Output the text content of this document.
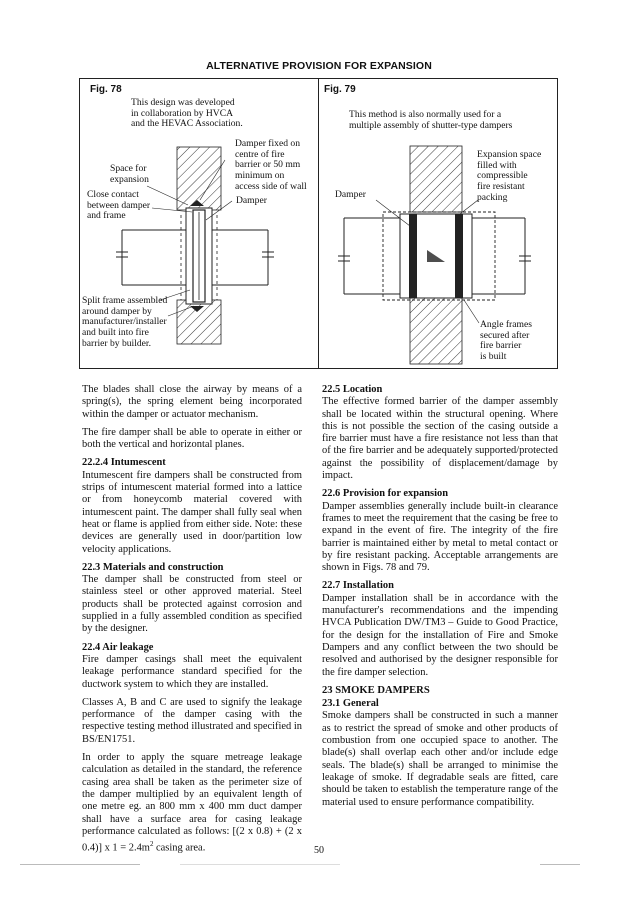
ALTERNATIVE PROVISION FOR EXPANSION
Fig. 78
This design was developed
in collaboration by HVCA
and the HEVAC Association.
Damper fixed on
centre of fire
barrier or 50 mm
minimum on
access side of wall
Space for
expansion
Close contact
between damper
and frame
Damper
Split frame assembled
around damper by
manufacturer/installer
and built into fire
barrier by builder.
Fig. 79
This method is also normally used for a
multiple assembly of shutter-type dampers
Expansion space
filled with
compressible
fire resistant
packing
Damper
Angle frames
secured after
fire barrier
is built

The blades shall close the airway by means of a spring(s), the spring element being incorporated within the damper or actuator mechanism.

The fire damper shall be able to operate in either or both the vertical and horizontal planes.

22.2.4 Intumescent

Intumescent fire dampers shall be constructed from strips of intumescent material formed into a lattice or from honeycomb material covered with intumescent paint. The damper shall fully seal when heat or flame is applied from either side. Note: these devices are generally used in door/partition low velocity applications.

22.3 Materials and construction

The damper shall be constructed from steel or stainless steel or other approved material. Steel products shall be protected against corrosion and supplied in a fully assembled condition as specified by the designer.

22.4 Air leakage

Fire damper casings shall meet the equivalent leakage performance standard specified for the ductwork system to which they are installed.

Classes A, B and C are used to signify the leakage performance of the damper casing with the respective testing method illustrated and specified in BS/EN1751.

In order to apply the square metreage leakage calculation as detailed in the standard, the reference casing area shall be taken as the perimeter size of the damper multiplied by an equivalent length of one metre eg. an 800 mm x 400 mm duct damper shall have a surface area for casing leakage performance calculated as follows: [(2 x 0.8) + (2 x 0.4)] x $1 = 2.4m^2$ casing area.

22.5 Location

The effective formed barrier of the damper assembly shall be located within the structural opening. Where this is not possible the section of the casing outside a fire barrier must have a fire resistance not less than that of the fire barrier and be adequately supported/protected against the possibility of displacement/damage by impact.

22.6 Provision for expansion

Damper assemblies generally include built-in clearance frames to meet the requirement that the casing be free to expand in the event of fire. The integrity of the fire barrier is maintained either by metal to metal contact or by fire resistant packing. Acceptable arrangements are shown in Figs. 78 and 79.

22.7 Installation

Damper installation shall be in accordance with the manufacturer's recommendations and the impending HVCA Publication DW/TM3 – Guide to Good Practice, for the design for the installation of Fire and Smoke Dampers and any conflict between the two should be resolved and authorised by the designer responsible for the fire damper selection.

23 SMOKE DAMPERS
23.1 General

Smoke dampers shall be constructed in such a manner as to restrict the spread of smoke and other products of combustion from one occupied space to another. The blade(s) shall overlap each other and/or include edge seals. The blade(s) shall be arranged to minimise the leakage of smoke. If degradable seals are fitted, care should be taken to establish the temperature range of the material used to ensure performance compatibility.

50
